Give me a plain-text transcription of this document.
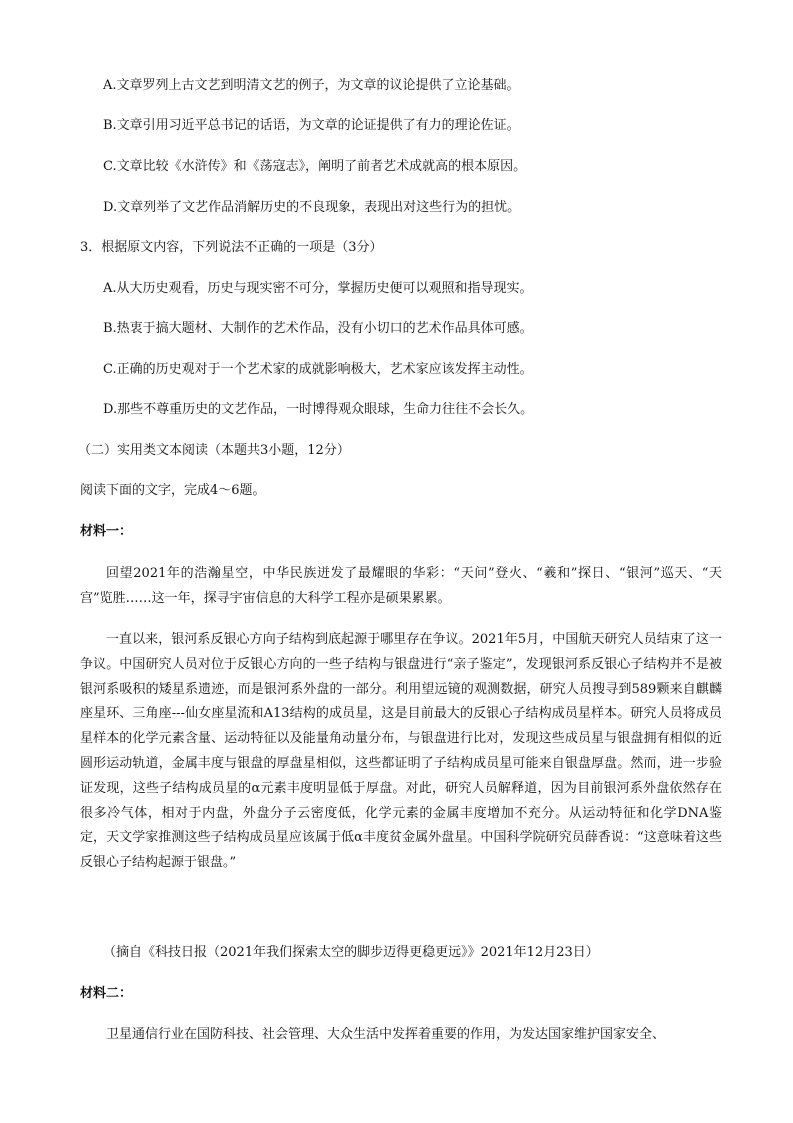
A.文章罗列上古文艺到明清文艺的例子，为文章的议论提供了立论基础。
B.文章引用习近平总书记的话语，为文章的论证提供了有力的理论佐证。
C.文章比较《水浒传》和《荡寇志》，阐明了前者艺术成就高的根本原因。
D.文章列举了文艺作品消解历史的不良现象，表现出对这些行为的担忧。
3．根据原文内容，下列说法不正确的一项是（3分）
A.从大历史观看，历史与现实密不可分，掌握历史便可以观照和指导现实。
B.热衷于搞大题材、大制作的艺术作品，没有小切口的艺术作品具体可感。
C.正确的历史观对于一个艺术家的成就影响极大，艺术家应该发挥主动性。
D.那些不尊重历史的文艺作品，一时博得观众眼球，生命力往往不会长久。
（二）实用类文本阅读（本题共3小题，12分）
阅读下面的文字，完成4～6题。
材料一：
回望2021年的浩瀚星空，中华民族迸发了最耀眼的华彩：“天问”登火、“羲和”探日、“银河”巡天、“天宫”览胜……这一年，探寻宇宙信息的大科学工程亦是硕果累累。
一直以来，银河系反银心方向子结构到底起源于哪里存在争议。2021年5月，中国航天研究人员结束了这一争议。中国研究人员对位于反银心方向的一些子结构与银盘进行“亲子鉴定”，发现银河系反银心子结构并不是被银河系吸积的矮星系遗迹，而是银河系外盘的一部分。利用望远镜的观测数据，研究人员搜寻到589颗来自麒麟座星环、三角座---仙女座星流和A13结构的成员星，这是目前最大的反银心子结构成员星样本。研究人员将成员星样本的化学元素含量、运动特征以及能量角动量分布，与银盘进行比对，发现这些成员星与银盘拥有相似的近圆形运动轨道，金属丰度与银盘的厚盘星相似，这些都证明了子结构成员星可能来自银盘厚盘。然而，进一步验证发现，这些子结构成员星的α元素丰度明显低于厚盘。对此，研究人员解释道，因为目前银河系外盘依然存在很多冷气体，相对于内盘，外盘分子云密度低，化学元素的金属丰度增加不充分。从运动特征和化学DNA鉴定，天文学家推测这些子结构成员星应该属于低α丰度贫金属外盘星。中国科学院研究员薛香说：“这意味着这些反银心子结构起源于银盘。”
（摘自《科技日报（2021年我们探索太空的脚步迈得更稳更远》》2021年12月23日）
材料二：
卫星通信行业在国防科技、社会管理、大众生活中发挥着重要的作用，为发达国家维护国家安全、
